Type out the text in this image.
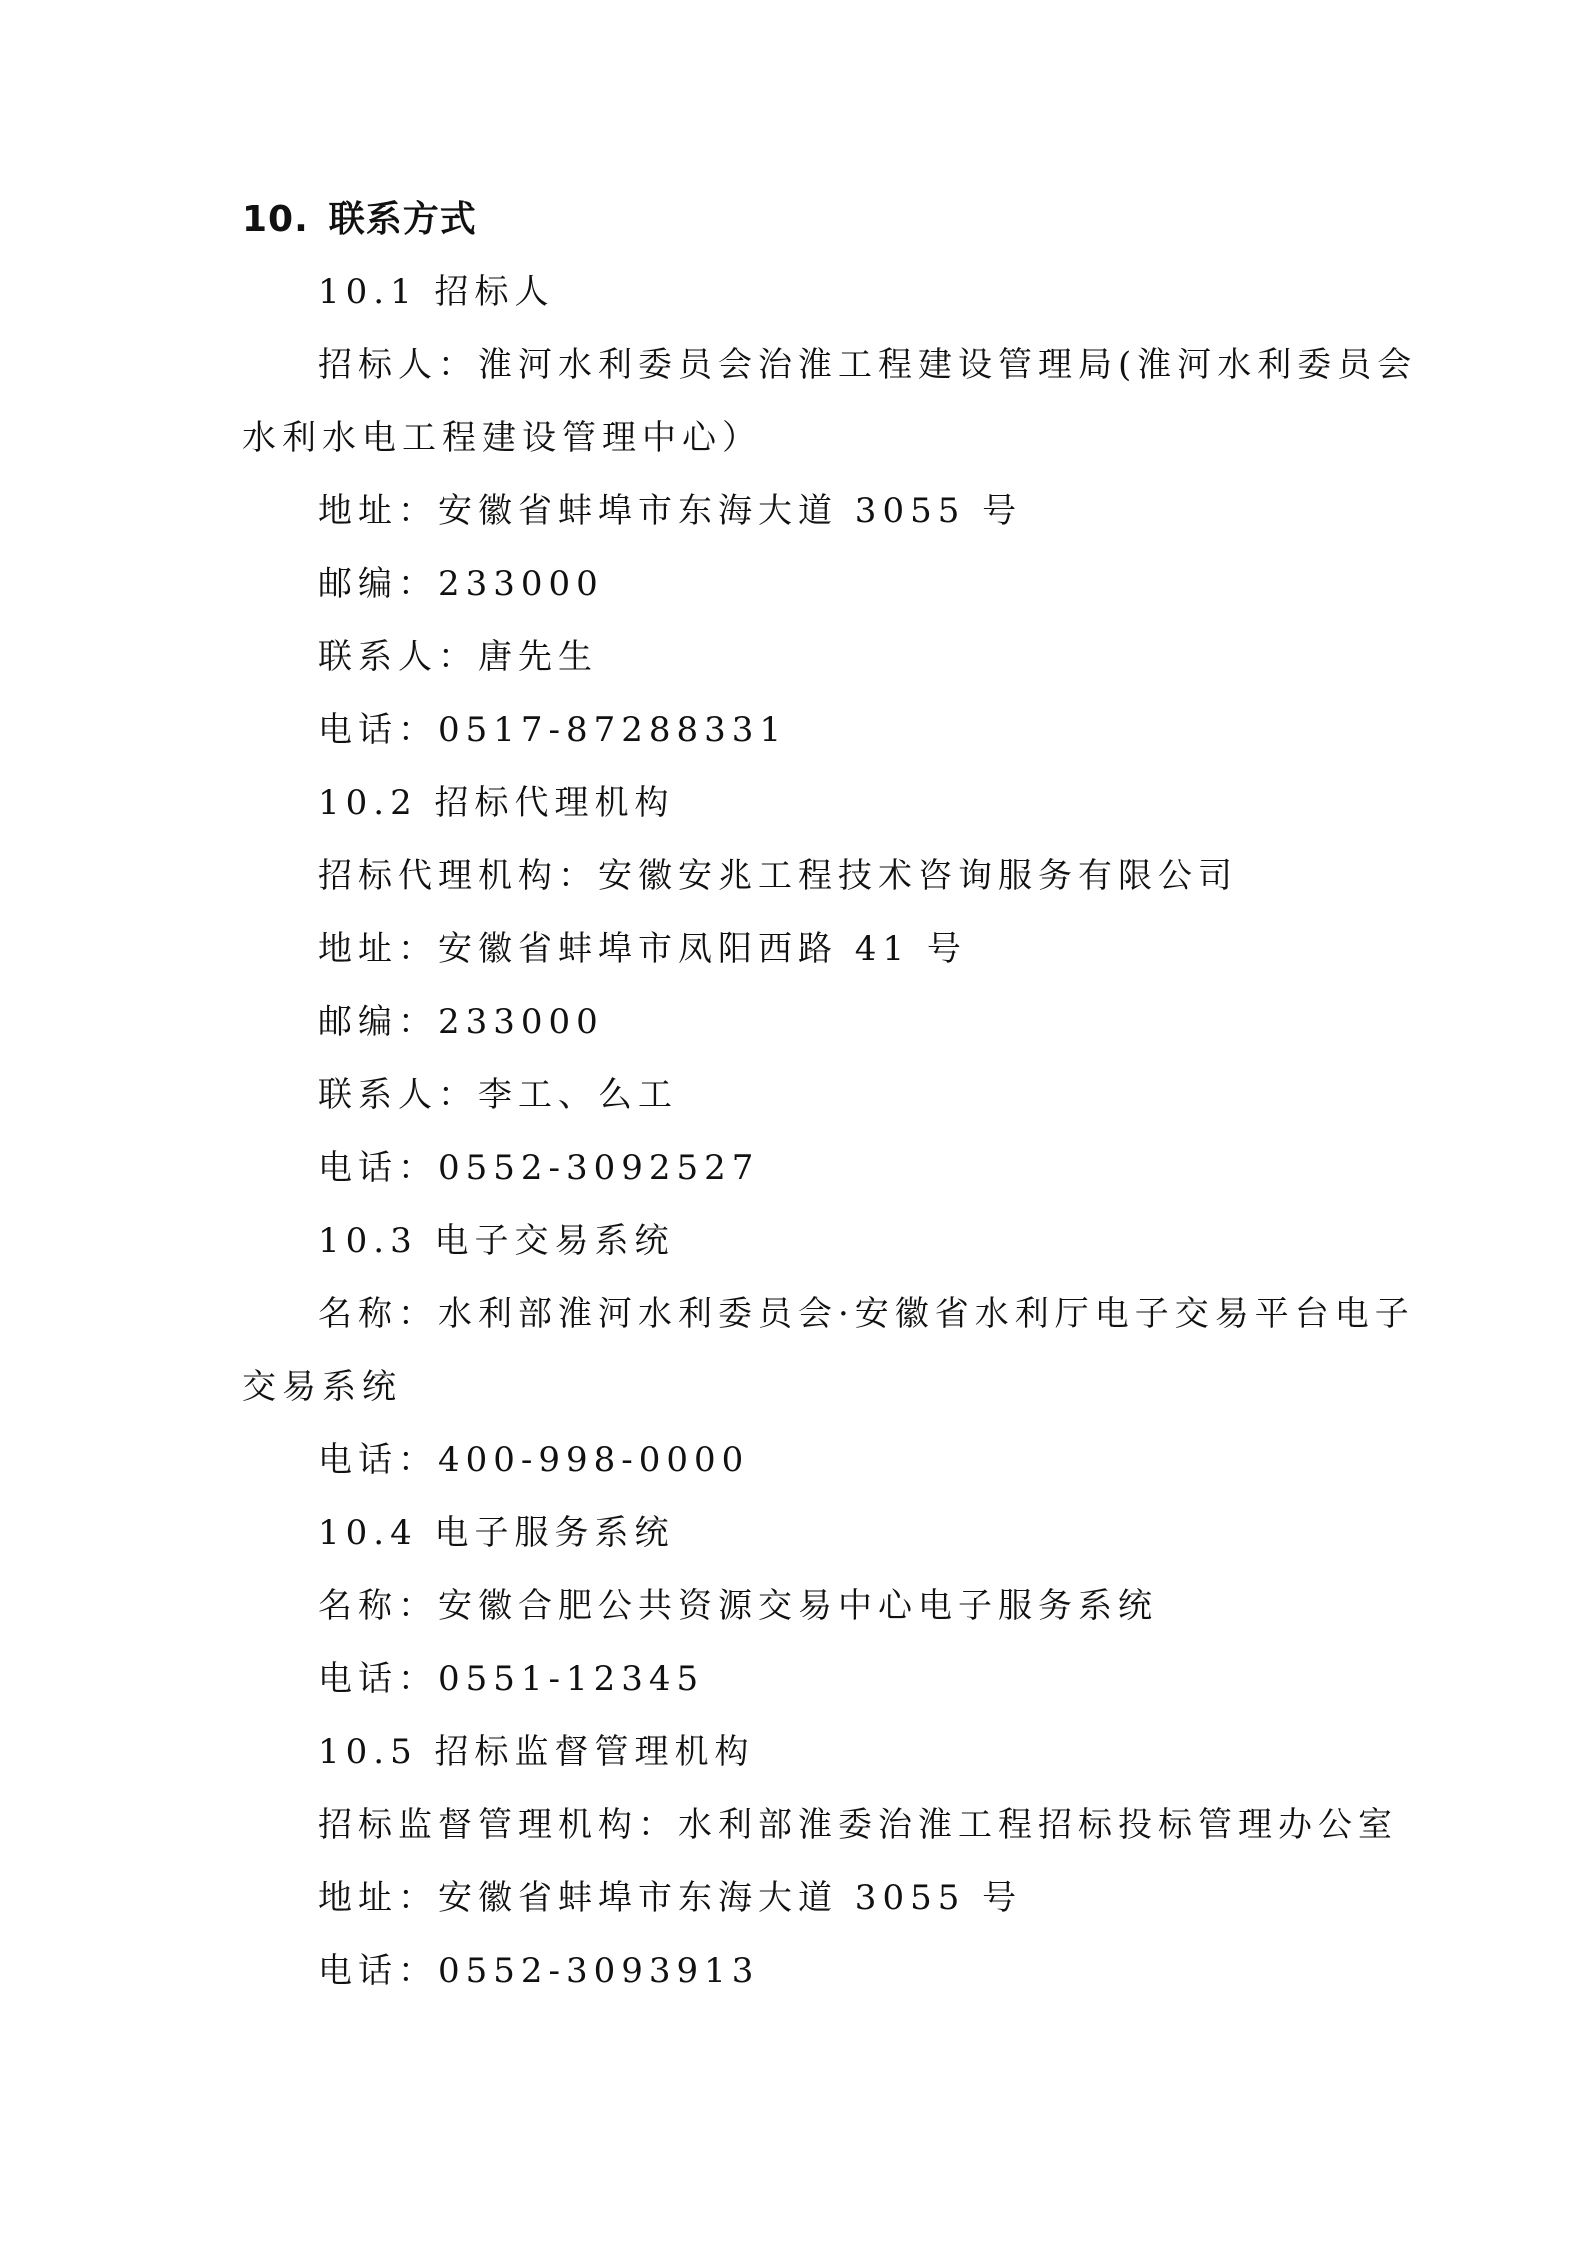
10. 联系方式
10.1 招标人
招标人：淮河水利委员会治淮工程建设管理局(淮河水利委员会
水利水电工程建设管理中心）
地址：安徽省蚌埠市东海大道 3055 号
邮编：233000
联系人：唐先生
电话：0517-87288331
10.2 招标代理机构
招标代理机构：安徽安兆工程技术咨询服务有限公司
地址：安徽省蚌埠市凤阳西路 41 号
邮编：233000
联系人：李工、么工
电话：0552-3092527
10.3 电子交易系统
名称：水利部淮河水利委员会·安徽省水利厅电子交易平台电子
交易系统
电话：400-998-0000
10.4 电子服务系统
名称：安徽合肥公共资源交易中心电子服务系统
电话：0551-12345
10.5 招标监督管理机构
招标监督管理机构：水利部淮委治淮工程招标投标管理办公室
地址：安徽省蚌埠市东海大道 3055 号
电话：0552-3093913
